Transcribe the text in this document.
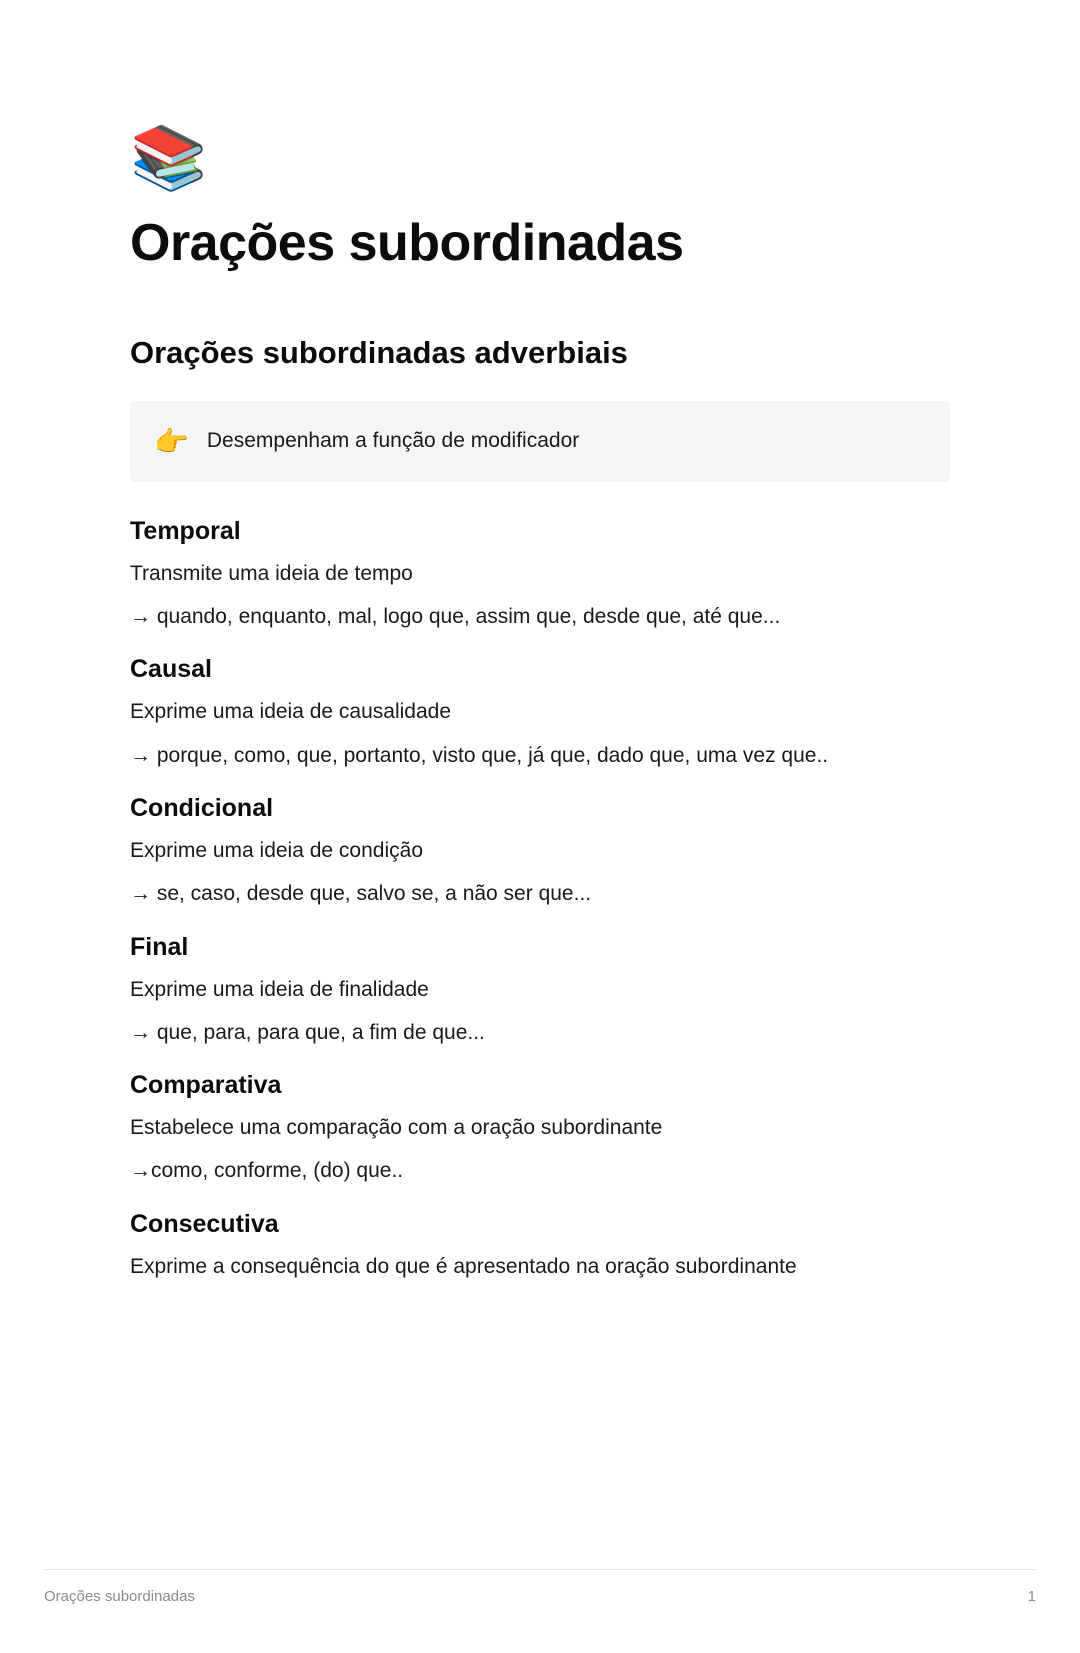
📚
Orações subordinadas
Orações subordinadas adverbiais
👉 Desempenham a função de modificador
Temporal

Transmite uma ideia de tempo

→ quando, enquanto, mal, logo que, assim que, desde que, até que...

Causal

Exprime uma ideia de causalidade

→ porque, como, que, portanto, visto que, já que, dado que, uma vez que..

Condicional

Exprime uma ideia de condição

→ se, caso, desde que, salvo se, a não ser que...

Final

Exprime uma ideia de finalidade

→ que, para, para que, a fim de que...

Comparativa

Estabelece uma comparação com a oração subordinante

→como, conforme, (do) que..

Consecutiva

Exprime a consequência do que é apresentado na oração subordinante

Orações subordinadas	1
